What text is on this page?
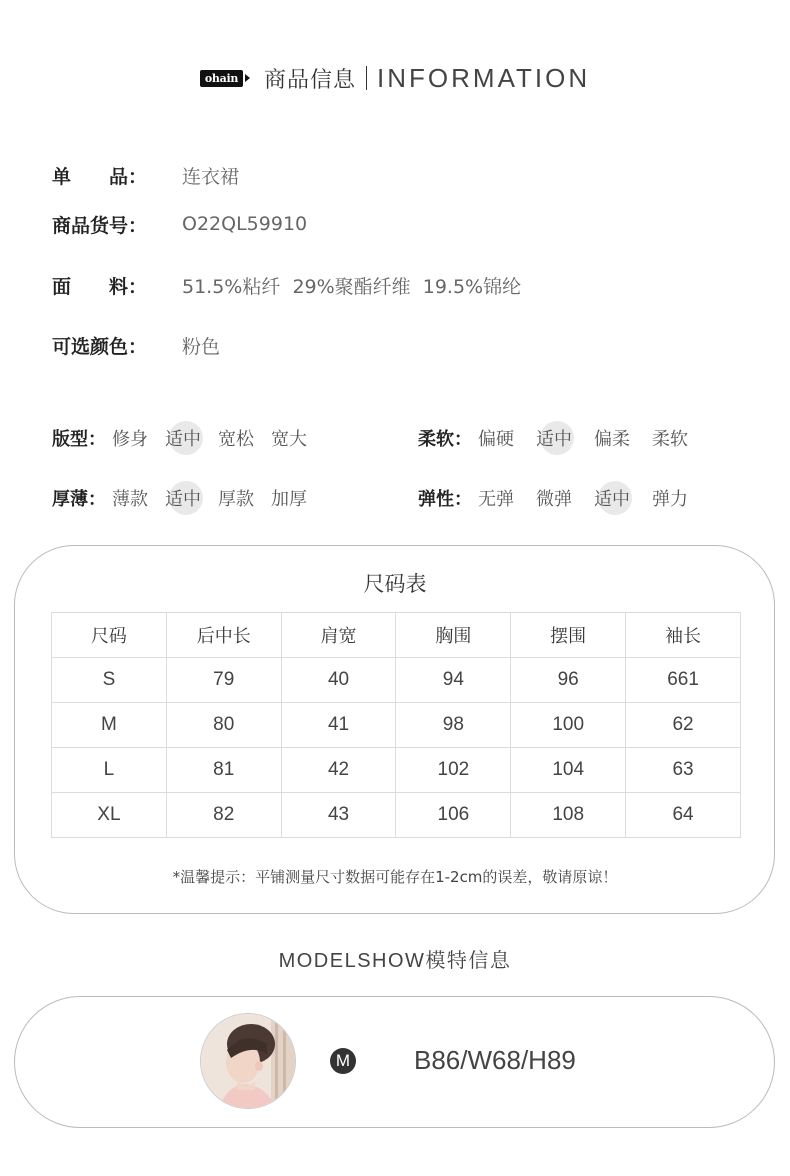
ohain 商品信息 INFORMATION
单　　品：	连衣裙
商品货号：	O22QL59910
面　　料：	51.5%粘纤  29%聚酯纤维  19.5%锦纶
可选颜色：	粉色
版型： 修身 适中 宽松 宽大	柔软： 偏硬 适中 偏柔 柔软
厚薄： 薄款 适中 厚款 加厚	弹性： 无弹 微弹 适中 弹力
尺码表
尺码	后中长	肩宽	胸围	摆围	袖长
S	79	40	94	96	661
M	80	41	98	100	62
L	81	42	102	104	63
XL	82	43	106	108	64
*温馨提示：平铺测量尺寸数据可能存在1-2cm的误差，敬请原谅！
MODELSHOW模特信息
M B86/W68/H89
